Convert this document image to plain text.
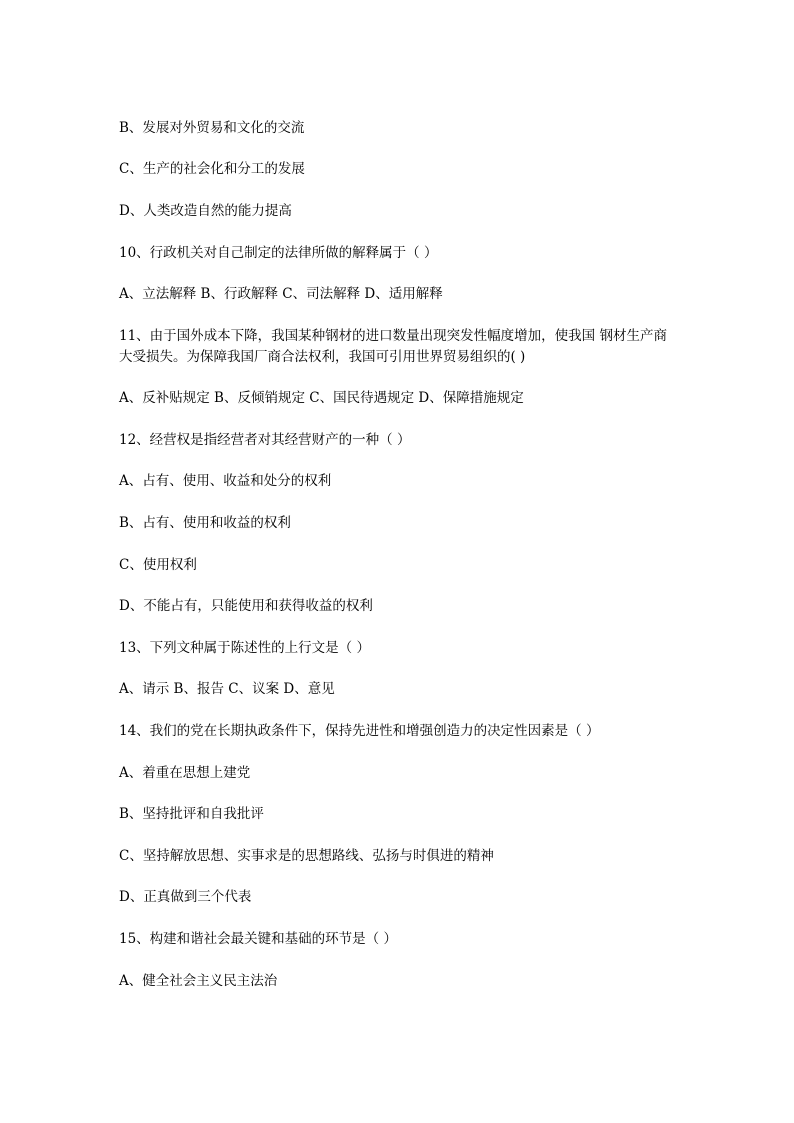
B、发展对外贸易和文化的交流
C、生产的社会化和分工的发展
D、人类改造自然的能力提高
10、行政机关对自己制定的法律所做的解释属于（ ）
A、立法解释 B、行政解释 C、司法解释 D、适用解释
11、由于国外成本下降，我国某种钢材的进口数量出现突发性幅度增加，使我国 钢材生产商大受损失。为保障我国厂商合法权利，我国可引用世界贸易组织的( )
A、反补贴规定 B、反倾销规定 C、国民待遇规定 D、保障措施规定
12、经营权是指经营者对其经营财产的一种（ ）
A、占有、使用、收益和处分的权利
B、占有、使用和收益的权利
C、使用权利
D、不能占有，只能使用和获得收益的权利
13、下列文种属于陈述性的上行文是（ ）
A、请示 B、报告 C、议案 D、意见
14、我们的党在长期执政条件下，保持先进性和增强创造力的决定性因素是（ ）
A、着重在思想上建党
B、坚持批评和自我批评
C、坚持解放思想、实事求是的思想路线、弘扬与时俱进的精神
D、正真做到三个代表
15、构建和谐社会最关键和基础的环节是（ ）
A、健全社会主义民主法治
